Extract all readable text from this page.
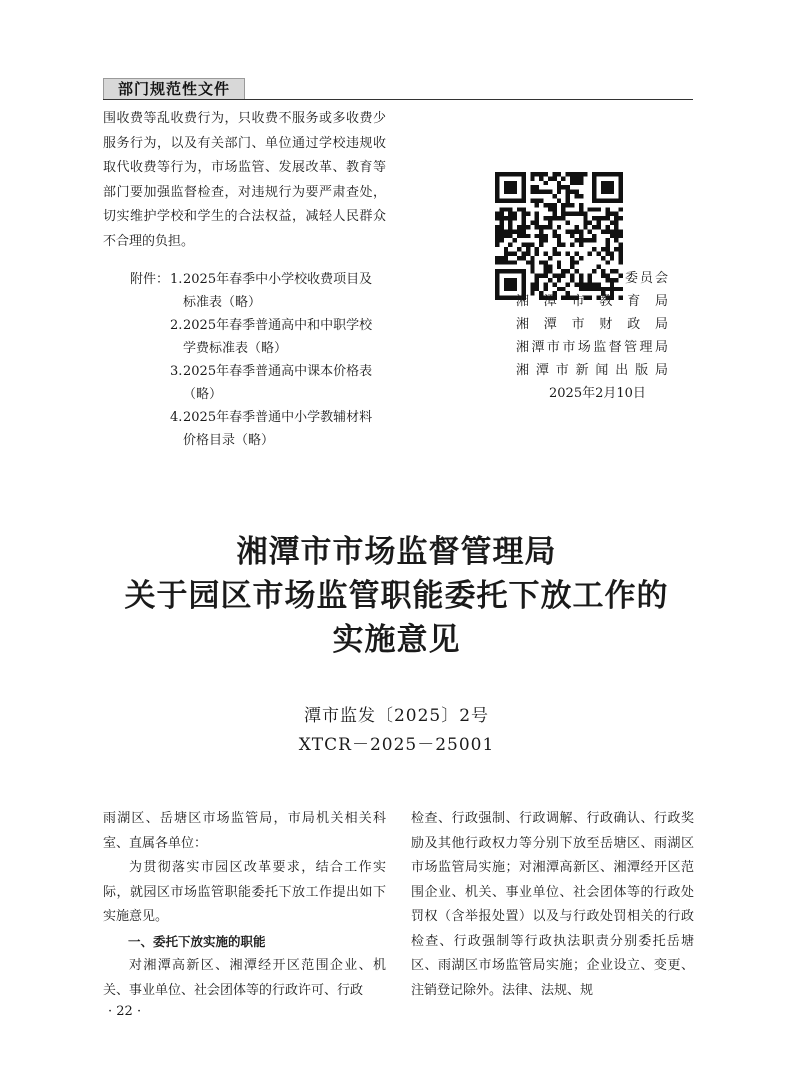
部门规范性文件
围收费等乱收费行为，只收费不服务或多收费少服务行为，以及有关部门、单位通过学校违规收取代收费等行为，市场监管、发展改革、教育等部门要加强监督检查，对违规行为要严肃查处，切实维护学校和学生的合法权益，减轻人民群众不合理的负担。
附件： 1. 2025年春季中小学校收费项目及
标准表（略）
2. 2025年春季普通高中和中职学校
学费标准表（略）
3. 2025年春季普通高中课本价格表
（略）
4. 2025年春季普通中小学教辅材料
价格目录（略）
委员会
湘潭市教育局
湘潭市财政局
湘潭市市场监督管理局
湘潭市新闻出版局
2025年2月10日
湘潭市市场监督管理局
关于园区市场监管职能委托下放工作的
实施意见
潭市监发〔2025〕2号
XTCR－2025－25001
雨湖区、岳塘区市场监管局，市局机关相关科室、直属各单位：
为贯彻落实市园区改革要求，结合工作实际，就园区市场监管职能委托下放工作提出如下实施意见。
一、委托下放实施的职能
对湘潭高新区、湘潭经开区范围企业、机关、事业单位、社会团体等的行政许可、行政
检查、行政强制、行政调解、行政确认、行政奖励及其他行政权力等分别下放至岳塘区、雨湖区市场监管局实施；对湘潭高新区、湘潭经开区范围企业、机关、事业单位、社会团体等的行政处罚权（含举报处置）以及与行政处罚相关的行政检查、行政强制等行政执法职责分别委托岳塘区、雨湖区市场监管局实施；企业设立、变更、注销登记除外。法律、法规、规
· 22 ·
